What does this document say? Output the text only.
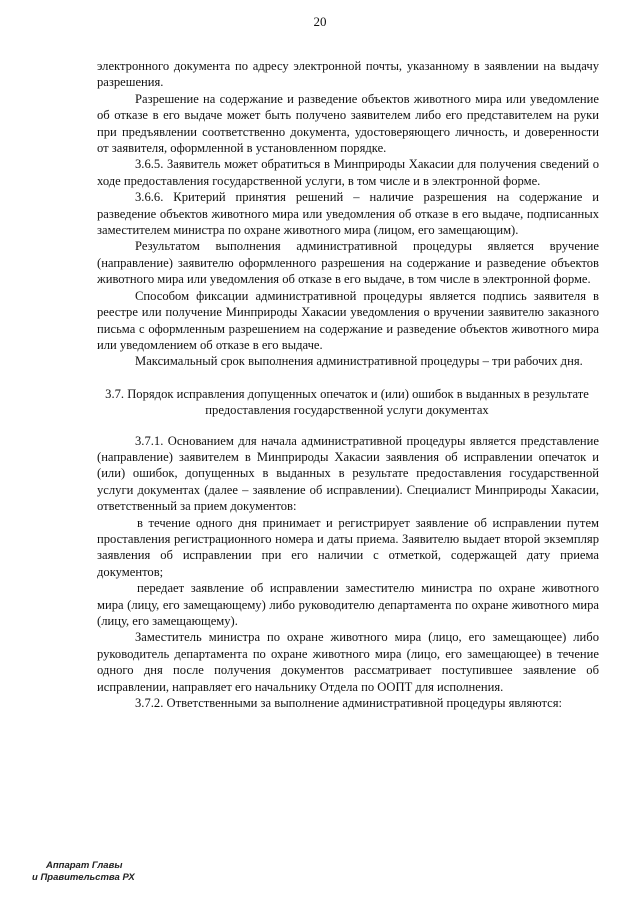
20

электронного документа по адресу электронной почты, указанному в заявлении на выдачу разрешения.

Разрешение на содержание и разведение объектов животного мира или уведомление об отказе в его выдаче может быть получено заявителем либо его представителем на руки при предъявлении соответственно документа, удостоверяющего личность, и доверенности от заявителя, оформленной в установленном порядке.

3.6.5. Заявитель может обратиться в Минприроды Хакасии для получения сведений о ходе предоставления государственной услуги, в том числе и в электронной форме.

3.6.6. Критерий принятия решений – наличие разрешения на содержание и разведение объектов животного мира или уведомления об отказе в его выдаче, подписанных заместителем министра по охране животного мира (лицом, его замещающим).

Результатом выполнения административной процедуры является вручение (направление) заявителю оформленного разрешения на содержание и разведение объектов животного мира или уведомления об отказе в его выдаче, в том числе в электронной форме.

Способом фиксации административной процедуры является подпись заявителя в реестре или получение Минприроды Хакасии уведомления о вручении заявителю заказного письма с оформленным разрешением на содержание и разведение объектов животного мира или уведомлением об отказе в его выдаче.

Максимальный срок выполнения административной процедуры – три рабочих дня.

3.7. Порядок исправления допущенных опечаток и (или) ошибок в выданных в результате предоставления государственной услуги документах

3.7.1. Основанием для начала административной процедуры является представление (направление) заявителем в Минприроды Хакасии заявления об исправлении опечаток и (или) ошибок, допущенных в выданных в результате предоставления государственной услуги документах (далее – заявление об исправлении). Специалист Минприроды Хакасии, ответственный за прием документов:

в течение одного дня принимает и регистрирует заявление об исправлении путем проставления регистрационного номера и даты приема. Заявителю выдает второй экземпляр заявления об исправлении при его наличии с отметкой, содержащей дату приема документов;

передает заявление об исправлении заместителю министра по охране животного мира (лицу, его замещающему) либо руководителю департамента по охране животного мира (лицу, его замещающему).

Заместитель министра по охране животного мира (лицо, его замещающее) либо руководитель департамента по охране животного мира (лицо, его замещающее) в течение одного дня после получения документов рассматривает поступившее заявление об исправлении, направляет его начальнику Отдела по ООПТ для исполнения.

3.7.2. Ответственными за выполнение административной процедуры являются:

Аппарат Главы
и Правительства РХ
